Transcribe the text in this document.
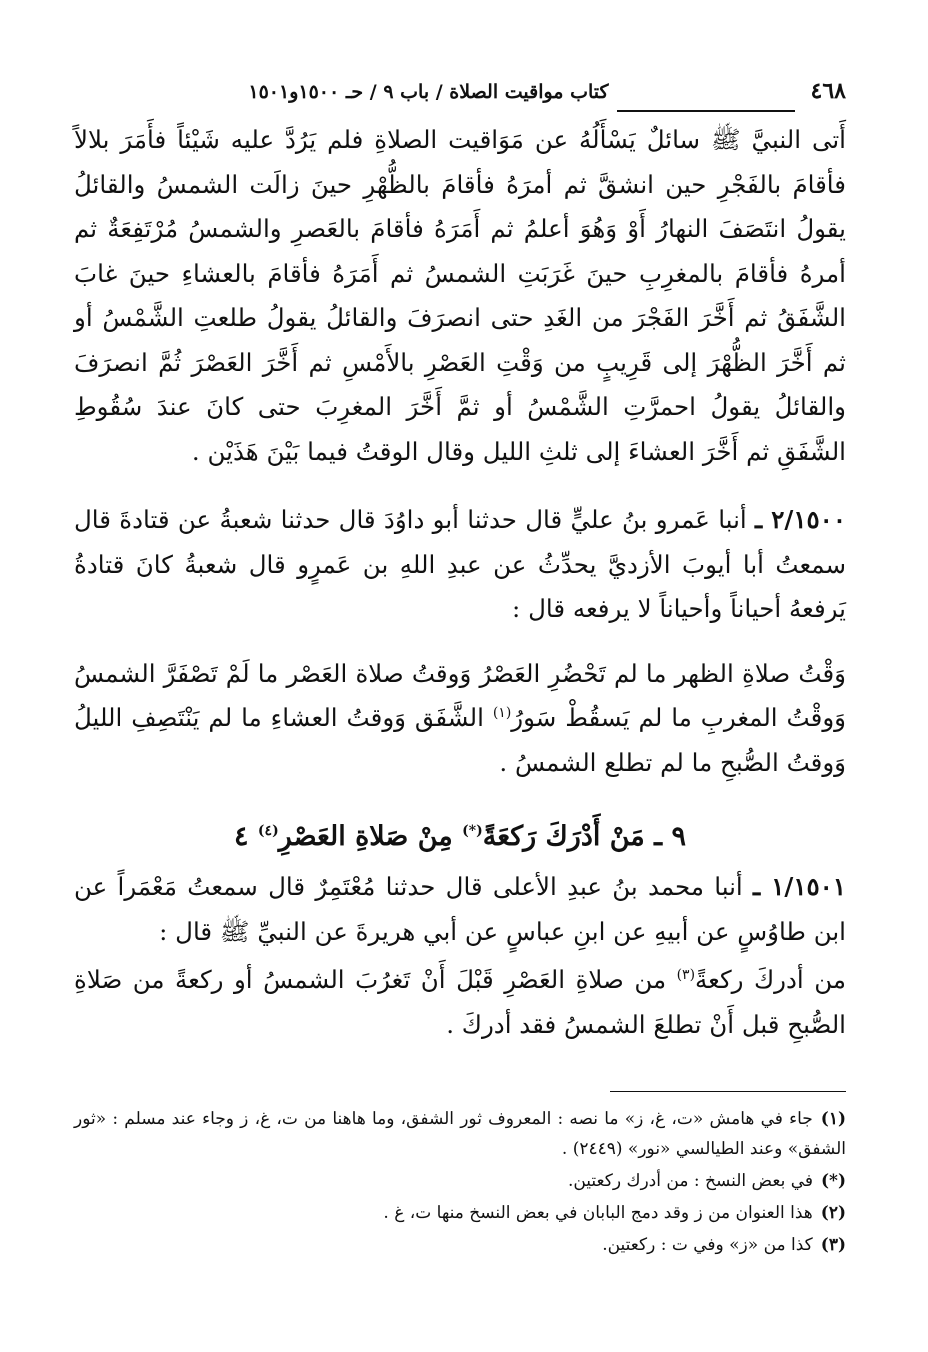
٤٦٨
كتاب مواقيت الصلاة / باب ٩ / حـ ١٥٠٠و١٥٠١

أَتى النبيَّ ﷺ سائلٌ يَسْأَلُهُ عن مَوَاقيت الصلاةِ فلم يَرُدَّ عليه شَيْئاً فأَمَرَ بلالاً فأقامَ بالفَجْرِ حين انشقَّ ثم أمرَهُ فأقامَ بالظُّهْرِ حينَ زالَت الشمسُ والقائلُ يقولُ انتَصَفَ النهارُ أَوْ وَهُوَ أعلمُ ثم أَمَرَهُ فأقامَ بالعَصرِ والشمسُ مُرْتَفِعَةٌ ثم أمرهُ فأقامَ بالمغرِبِ حينَ غَرَبَتِ الشمسُ ثم أَمَرَهُ فأقامَ بالعشاءِ حينَ غابَ الشَّفَقُ ثم أَخَّرَ الفَجْرَ من الغَدِ حتى انصرَفَ والقائلُ يقولُ طلعتِ الشَّمْسُ أو ثم أَخَّرَ الظُّهْرَ إلى قَرِيبٍ من وَقْتِ العَصْرِ بالأَمْسِ ثم أَخَّرَ العَصْرَ ثُمَّ انصرَفَ والقائلُ يقولُ احمرَّتِ الشَّمْسُ أو ثمَّ أَخَّرَ المغرِبَ حتى كانَ عندَ سُقُوطِ الشَّفَقِ ثم أَخَّرَ العشاءَ إلى ثلثِ الليل وقال الوقتُ فيما بَيْنَ هَذَيْن .

٢/١٥٠٠ ـ أنبا عَمرو بنُ عليٍّ قال حدثنا أبو داوُدَ قال حدثنا شعبةُ عن قتادةَ قال سمعتُ أبا أيوبَ الأزديَّ يحدِّثُ عن عبدِ اللهِ بن عَمرٍو قال شعبةُ كانَ قتادةُ يَرفعهُ أحياناً وأحياناً لا يرفعه قال :

وَقْتُ صلاةِ الظهر ما لم تَحْضُرِ العَصْرُ وَوقتُ صلاة العَصْر ما لَمْ تَصْفَرَّ الشمسُ وَوقْتُ المغربِ ما لم يَسقُطْ سَورُ$^{(١)}$ الشَّفَق وَوقتُ العشاءِ ما لم يَنْتَصِفِ الليلُ وَوقتُ الصُّبحِ ما لم تطلع الشمسُ .

٩ ـ مَنْ أَدْرَكَ رَكعَةً(*) مِنْ صَلاةِ العَصْرِ$^{(٤)}$ ٤

١/١٥٠١ ـ أنبا محمد بنُ عبدِ الأعلى قال حدثنا مُعْتَمِرٌ قال سمعتُ مَعْمَراً عن ابن طاوُسٍ عن أبيهِ عن ابنِ عباسٍ عن أبي هريرةَ عن النبيِّ ﷺ قال :

من أدركَ ركعةً$^{(٣)}$ من صلاةِ العَصْرِ قَبْلَ أَنْ تَغرُبَ الشمسُ أو ركعةً من صَلاةِ الصُّبحِ قبل أَنْ تطلعَ الشمسُ فقد أدركَ .

(١)جاء في هامش «ت، غ، ز» ما نصه : المعروف ثور الشفق، وما هاهنا من ت، غ، ز وجاء عند مسلم : «ثور الشفق» وعند الطيالسي «نور» (٢٤٤٩) .

(*)في بعض النسخ : من أدرك ركعتين.

(٢)هذا العنوان من ز وقد دمج البابان في بعض النسخ منها ت، غ .

(٣)كذا من «ز» وفي ت : ركعتين.
